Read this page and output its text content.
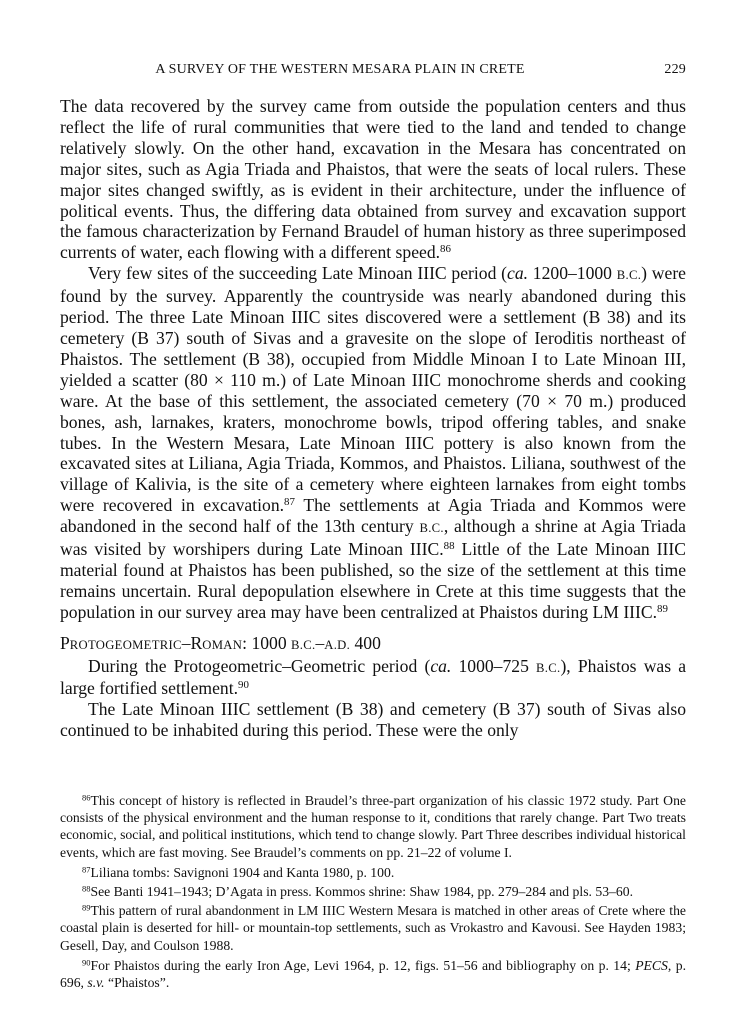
A SURVEY OF THE WESTERN MESARA PLAIN IN CRETE	229

The data recovered by the survey came from outside the population centers and thus reflect the life of rural communities that were tied to the land and tended to change relatively slowly. On the other hand, excavation in the Mesara has concentrated on major sites, such as Agia Triada and Phaistos, that were the seats of local rulers. These major sites changed swiftly, as is evident in their architecture, under the influence of political events. Thus, the differing data obtained from survey and excavation support the famous characterization by Fernand Braudel of human history as three superimposed currents of water, each flowing with a different speed.$^{86}$

Very few sites of the succeeding Late Minoan IIIC period (ca. 1200–1000 B.C.) were found by the survey. Apparently the countryside was nearly abandoned during this period. The three Late Minoan IIIC sites discovered were a settlement (B 38) and its cemetery (B 37) south of Sivas and a gravesite on the slope of Ieroditis northeast of Phaistos. The settlement (B 38), occupied from Middle Minoan I to Late Minoan III, yielded a scatter (80 × 110 m.) of Late Minoan IIIC monochrome sherds and cooking ware. At the base of this settlement, the associated cemetery (70 × 70 m.) produced bones, ash, larnakes, kraters, monochrome bowls, tripod offering tables, and snake tubes. In the Western Mesara, Late Minoan IIIC pottery is also known from the excavated sites at Liliana, Agia Triada, Kommos, and Phaistos. Liliana, southwest of the village of Kalivia, is the site of a cemetery where eighteen larnakes from eight tombs were recovered in excavation.$^{87}$ The settlements at Agia Triada and Kommos were abandoned in the second half of the 13th century B.C., although a shrine at Agia Triada was visited by worshipers during Late Minoan IIIC.$^{88}$ Little of the Late Minoan IIIC material found at Phaistos has been published, so the size of the settlement at this time remains uncertain. Rural depopulation elsewhere in Crete at this time suggests that the population in our survey area may have been centralized at Phaistos during LM IIIC.$^{89}$

PROTOGEOMETRIC–ROMAN: 1000 B.C.–A.D. 400

During the Protogeometric–Geometric period (ca. 1000–725 B.C.), Phaistos was a large fortified settlement.$^{90}$

The Late Minoan IIIC settlement (B 38) and cemetery (B 37) south of Sivas also continued to be inhabited during this period. These were the only

$^{86}$This concept of history is reflected in Braudel’s three-part organization of his classic 1972 study. Part One consists of the physical environment and the human response to it, conditions that rarely change. Part Two treats economic, social, and political institutions, which tend to change slowly. Part Three describes individual historical events, which are fast moving. See Braudel’s comments on pp. 21–22 of volume I.

$^{87}$Liliana tombs: Savignoni 1904 and Kanta 1980, p. 100.

$^{88}$See Banti 1941–1943; D’Agata in press. Kommos shrine: Shaw 1984, pp. 279–284 and pls. 53–60.

$^{89}$This pattern of rural abandonment in LM IIIC Western Mesara is matched in other areas of Crete where the coastal plain is deserted for hill- or mountain-top settlements, such as Vrokastro and Kavousi. See Hayden 1983; Gesell, Day, and Coulson 1988.

$^{90}$For Phaistos during the early Iron Age, Levi 1964, p. 12, figs. 51–56 and bibliography on p. 14; PECS, p. 696, s.v. “Phaistos”.
